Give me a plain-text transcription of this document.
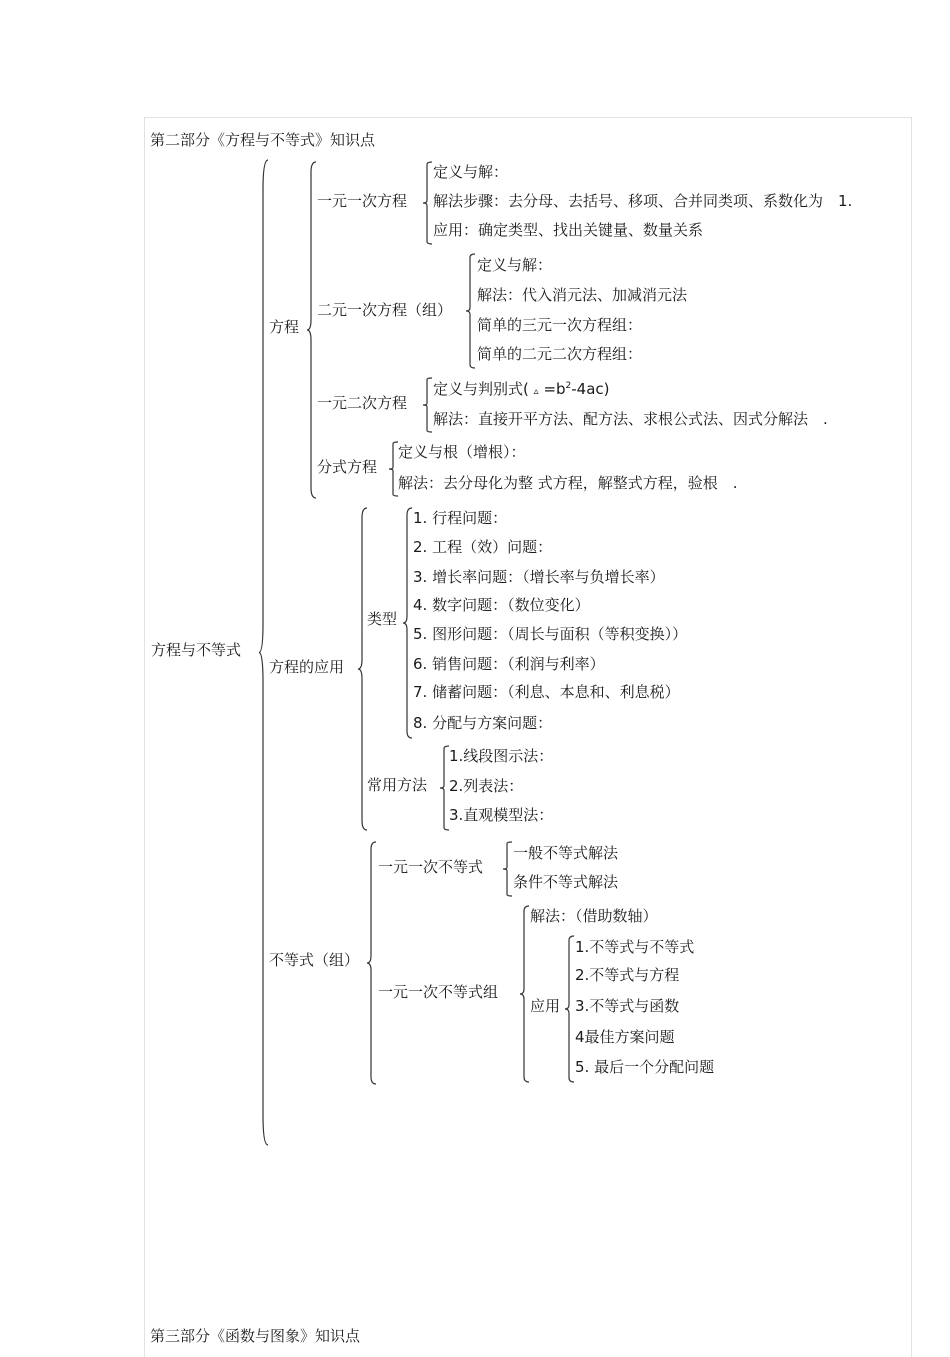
第二部分《方程与不等式》知识点
方程与不等式
方程
一元一次方程
定义与解：
解法步骤：去分母、去括号、移项、合并同类项、系数化为　1.
应用：确定类型、找出关键量、数量关系
二元一次方程（组）
定义与解：
解法：代入消元法、加减消元法
简单的三元一次方程组：
简单的二元二次方程组：
一元二次方程
定义与判别式( ▵ $=b^2-4ac$)
解法：直接开平方法、配方法、求根公式法、因式分解法　.
分式方程
定义与根（增根）：
解法：去分母化为整 式方程，解整式方程，验根　.
方程的应用
类型
1. 行程问题：
2. 工程（效）问题：
3. 增长率问题：（增长率与负增长率）
4. 数字问题：（数位变化）
5. 图形问题：（周长与面积（等积变换））
6. 销售问题：（利润与利率）
7. 储蓄问题：（利息、本息和、利息税）
8. 分配与方案问题：
常用方法
1.线段图示法：
2.列表法：
3.直观模型法：
不等式（组）
一元一次不等式
一般不等式解法
条件不等式解法
一元一次不等式组
解法：（借助数轴）
应用
1.不等式与不等式
2.不等式与方程
3.不等式与函数
4最佳方案问题
5. 最后一个分配问题
第三部分《函数与图象》知识点
